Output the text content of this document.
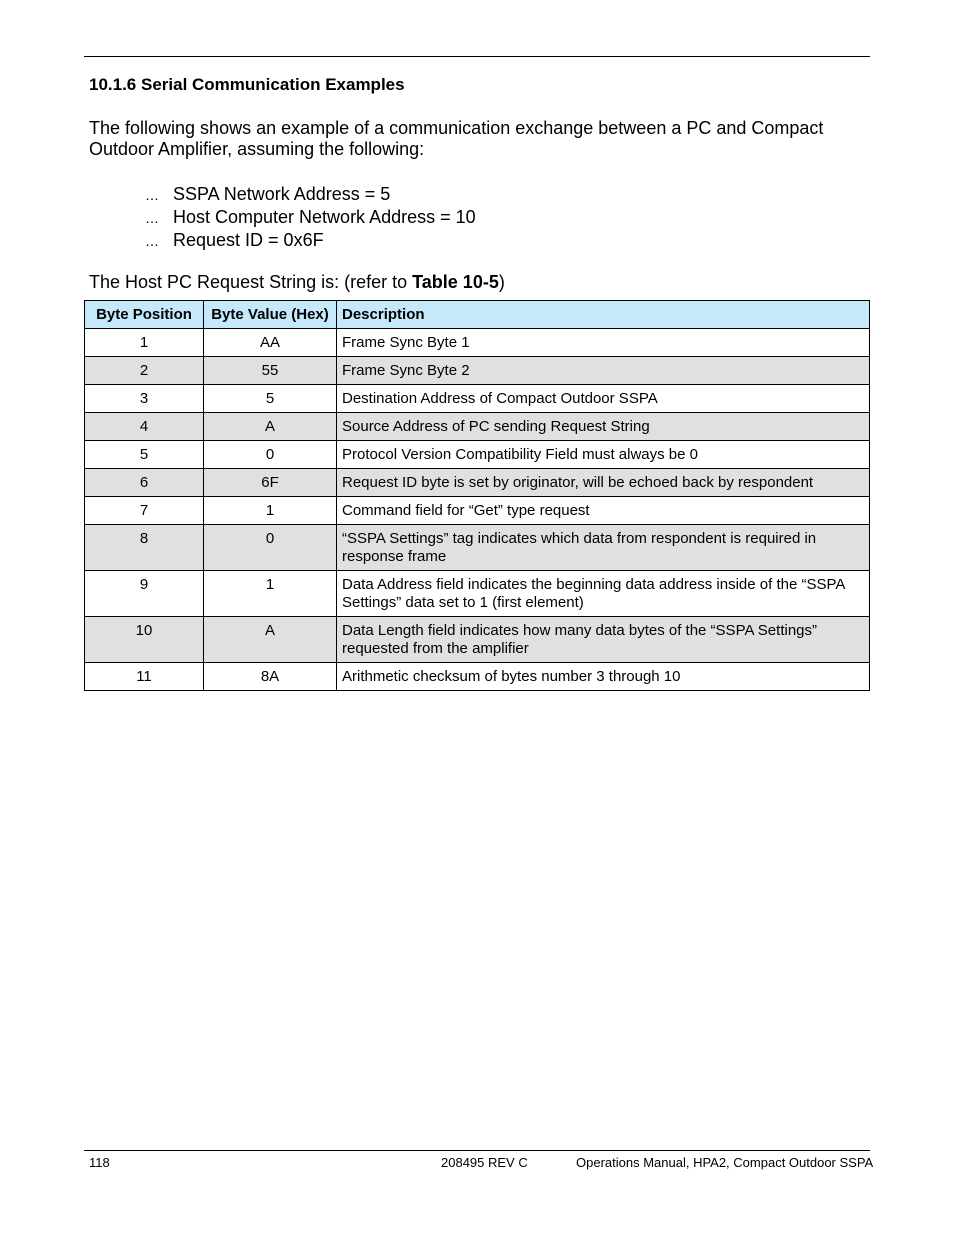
10.1.6 Serial Communication Examples
The following shows an example of a communication exchange between a PC and Compact Outdoor Amplifier, assuming the following:
… SSPA Network Address = 5
… Host Computer Network Address = 10
… Request ID = 0x6F
The Host PC Request String is: (refer to Table 10-5)
Byte Position	Byte Value (Hex)	Description
1	AA	Frame Sync Byte 1
2	55	Frame Sync Byte 2
3	5	Destination Address of Compact Outdoor SSPA
4	A	Source Address of PC sending Request String
5	0	Protocol Version Compatibility Field must always be 0
6	6F	Request ID byte is set by originator, will be echoed back by respondent
7	1	Command field for “Get” type request
8	0	“SSPA Settings” tag indicates which data from respondent is required in response frame
9	1	Data Address field indicates the beginning data address inside of the “SSPA Settings” data set to 1 (first element)
10	A	Data Length field indicates how many data bytes of the “SSPA Settings” requested from the amplifier
11	8A	Arithmetic checksum of bytes number 3 through 10
118	208495 REV C	Operations Manual, HPA2, Compact Outdoor SSPA
